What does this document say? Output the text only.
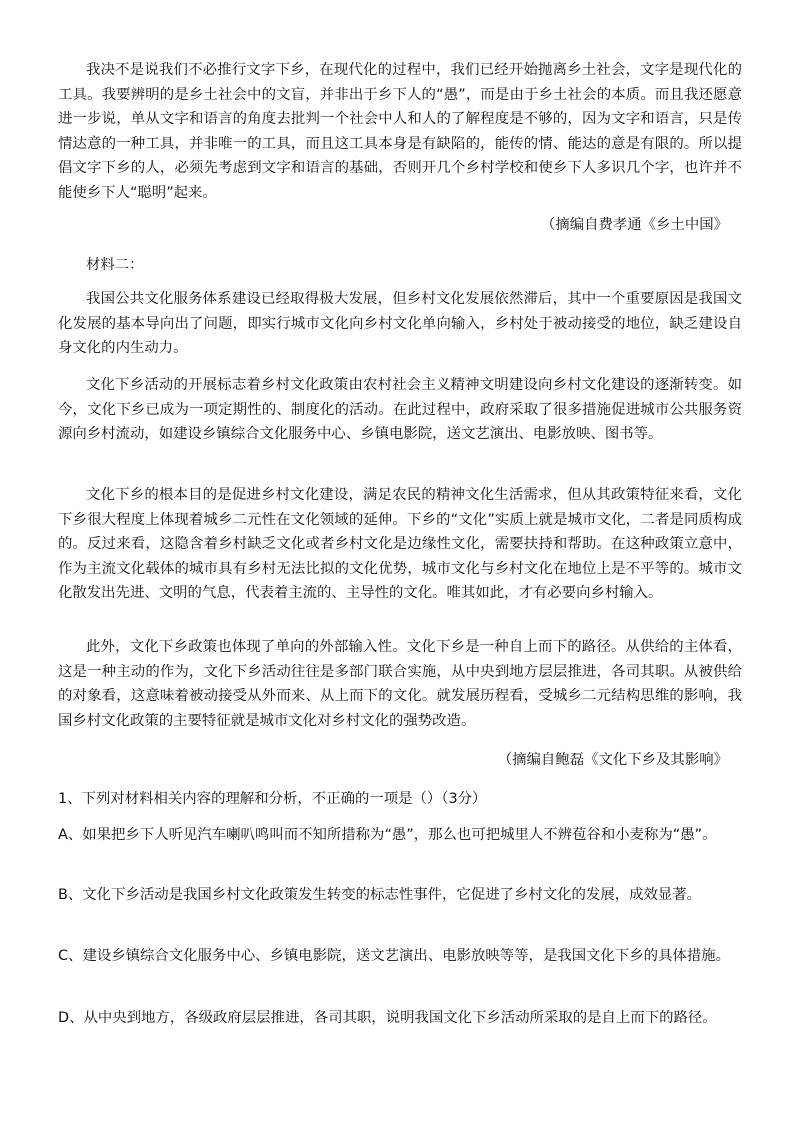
我决不是说我们不必推行文字下乡，在现代化的过程中，我们已经开始抛离乡土社会，文字是现代化的工具。我要辨明的是乡土社会中的文盲，并非出于乡下人的“愚”，而是由于乡土社会的本质。而且我还愿意进一步说，单从文字和语言的角度去批判一个社会中人和人的了解程度是不够的，因为文字和语言，只是传情达意的一种工具，并非唯一的工具，而且这工具本身是有缺陷的，能传的情、能达的意是有限的。所以提倡文字下乡的人，必须先考虑到文字和语言的基础，否则开几个乡村学校和使乡下人多识几个字，也许并不能使乡下人“聪明”起来。

（摘编自费孝通《乡土中国》

材料二：

我国公共文化服务体系建设已经取得极大发展，但乡村文化发展依然滞后，其中一个重要原因是我国文化发展的基本导向出了问题，即实行城市文化向乡村文化单向输入，乡村处于被动接受的地位，缺乏建设自身文化的内生动力。

文化下乡活动的开展标志着乡村文化政策由农村社会主义精神文明建设向乡村文化建设的逐渐转变。如今，文化下乡已成为一项定期性的、制度化的活动。在此过程中，政府采取了很多措施促进城市公共服务资源向乡村流动，如建设乡镇综合文化服务中心、乡镇电影院，送文艺演出、电影放映、图书等。

文化下乡的根本目的是促进乡村文化建设，满足农民的精神文化生活需求，但从其政策特征来看，文化下乡很大程度上体现着城乡二元性在文化领域的延伸。下乡的“文化”实质上就是城市文化，二者是同质构成的。反过来看，这隐含着乡村缺乏文化或者乡村文化是边缘性文化，需要扶持和帮助。在这种政策立意中，作为主流文化载体的城市具有乡村无法比拟的文化优势，城市文化与乡村文化在地位上是不平等的。城市文化散发出先进、文明的气息，代表着主流的、主导性的文化。唯其如此，才有必要向乡村输入。

此外，文化下乡政策也体现了单向的外部输入性。文化下乡是一种自上而下的路径。从供给的主体看，这是一种主动的作为，文化下乡活动往往是多部门联合实施，从中央到地方层层推进，各司其职。从被供给的对象看，这意味着被动接受从外而来、从上而下的文化。就发展历程看，受城乡二元结构思维的影响，我国乡村文化政策的主要特征就是城市文化对乡村文化的强势改造。

（摘编自鲍磊《文化下乡及其影响》

1、下列对材料相关内容的理解和分析，不正确的一项是（）（3分）

A、如果把乡下人听见汽车喇叭鸣叫而不知所措称为“愚”，那么也可把城里人不辨苞谷和小麦称为“愚”。

B、文化下乡活动是我国乡村文化政策发生转变的标志性事件，它促进了乡村文化的发展，成效显著。

C、建设乡镇综合文化服务中心、乡镇电影院，送文艺演出、电影放映等等，是我国文化下乡的具体措施。

D、从中央到地方，各级政府层层推进，各司其职，说明我国文化下乡活动所采取的是自上而下的路径。
